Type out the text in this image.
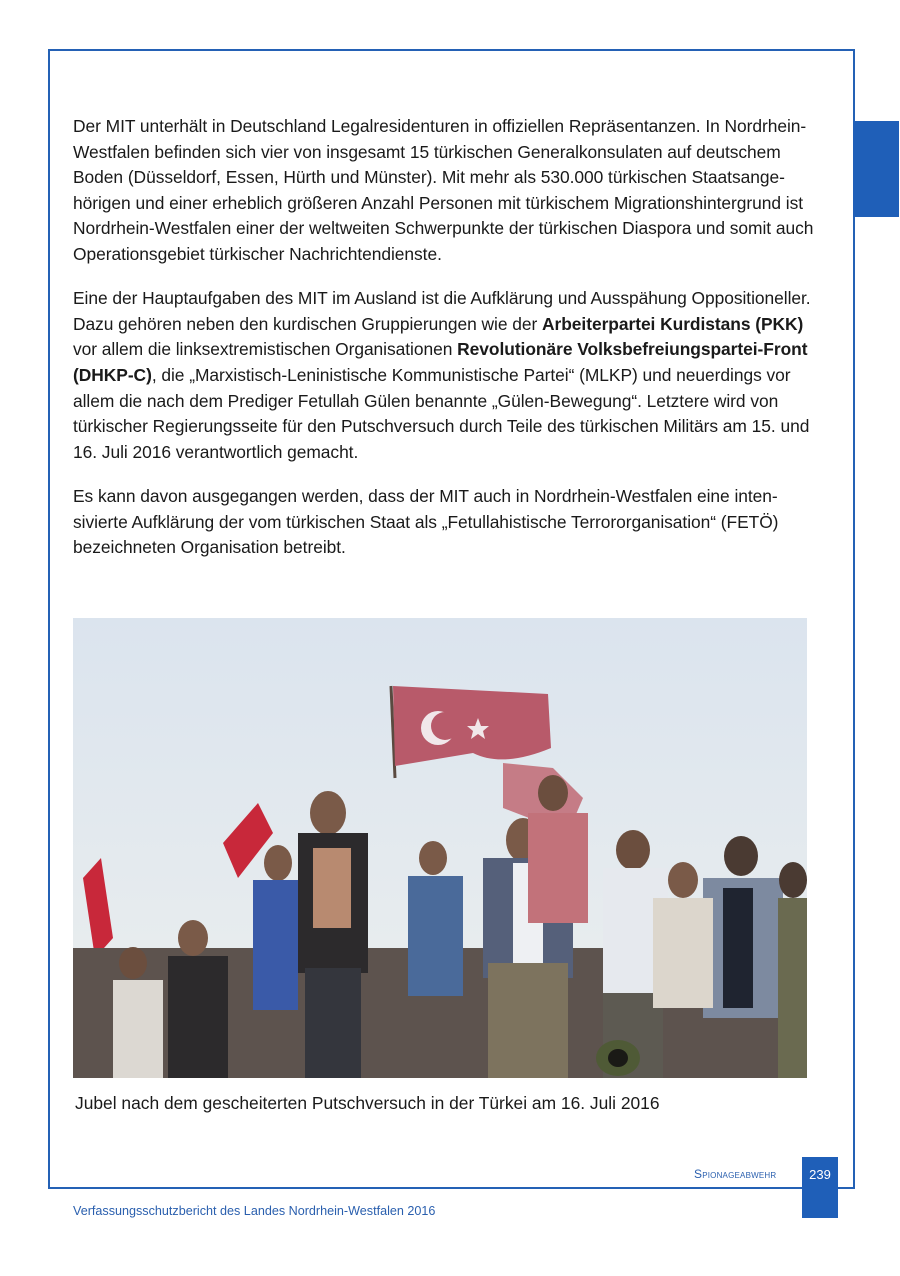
Der MIT unterhält in Deutschland Legalresidenturen in offiziellen Repräsentanzen. In Nordrhein-
Westfalen befinden sich vier von insgesamt 15 türkischen Generalkonsulaten auf deutschem
Boden (Düsseldorf, Essen, Hürth und Münster). Mit mehr als 530.000 türkischen Staatsange-
hörigen und einer erheblich größeren Anzahl Personen mit türkischem Migrationshintergrund ist
Nordrhein-Westfalen einer der weltweiten Schwerpunkte der türkischen Diaspora und somit auch
Operationsgebiet türkischer Nachrichtendienste.

Eine der Hauptaufgaben des MIT im Ausland ist die Aufklärung und Ausspähung Oppositioneller.
Dazu gehören neben den kurdischen Gruppierungen wie der Arbeiterpartei Kurdistans (PKK)
vor allem die linksextremistischen Organisationen Revolutionäre Volksbefreiungspartei-Front
(DHKP-C), die „Marxistisch-Leninistische Kommunistische Partei“ (MLKP) und neuerdings vor
allem die nach dem Prediger Fetullah Gülen benannte „Gülen-Bewegung“. Letztere wird von
türkischer Regierungsseite für den Putschversuch durch Teile des türkischen Militärs am 15. und
16. Juli 2016 verantwortlich gemacht.

Es kann davon ausgegangen werden, dass der MIT auch in Nordrhein-Westfalen eine inten-
sivierte Aufklärung der vom türkischen Staat als „Fetullahistische Terrororganisation“ (FETÖ)
bezeichneten Organisation betreibt.

Jubel nach dem gescheiterten Putschversuch in der Türkei am 16. Juli 2016
Spionageabwehr	239
Verfassungsschutzbericht des Landes Nordrhein-Westfalen 2016
